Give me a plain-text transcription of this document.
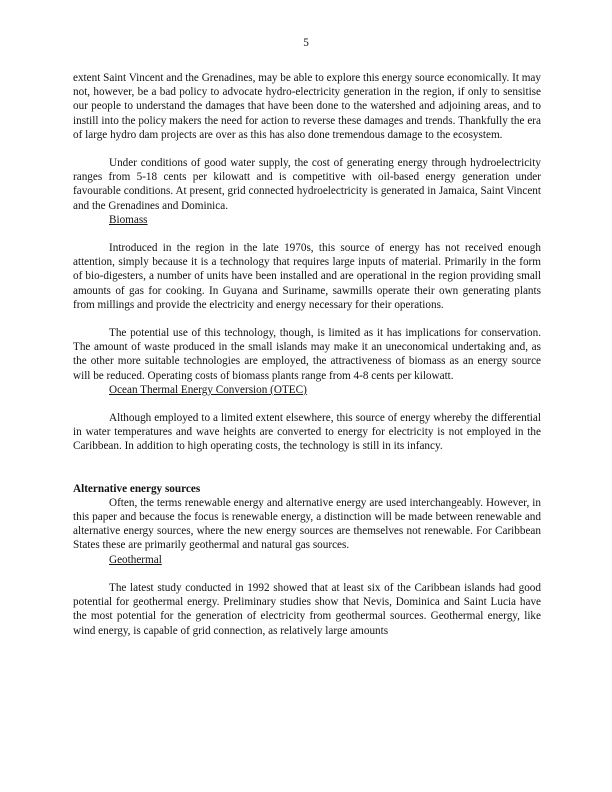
5

extent Saint Vincent and the Grenadines, may be able to explore this energy source economically. It may not, however, be a bad policy to advocate hydro-electricity generation in the region, if only to sensitise our people to understand the damages that have been done to the watershed and adjoining areas, and to instill into the policy makers the need for action to reverse these damages and trends. Thankfully the era of large hydro dam projects are over as this has also done tremendous damage to the ecosystem.

Under conditions of good water supply, the cost of generating energy through hydroelectricity ranges from 5-18 cents per kilowatt and is competitive with oil-based energy generation under favourable conditions. At present, grid connected hydroelectricity is generated in Jamaica, Saint Vincent and the Grenadines and Dominica.

Biomass

Introduced in the region in the late 1970s, this source of energy has not received enough attention, simply because it is a technology that requires large inputs of material. Primarily in the form of bio-digesters, a number of units have been installed and are operational in the region providing small amounts of gas for cooking. In Guyana and Suriname, sawmills operate their own generating plants from millings and provide the electricity and energy necessary for their operations.

The potential use of this technology, though, is limited as it has implications for conservation. The amount of waste produced in the small islands may make it an uneconomical undertaking and, as the other more suitable technologies are employed, the attractiveness of biomass as an energy source will be reduced. Operating costs of biomass plants range from 4-8 cents per kilowatt.

Ocean Thermal Energy Conversion (OTEC)

Although employed to a limited extent elsewhere, this source of energy whereby the differential in water temperatures and wave heights are converted to energy for electricity is not employed in the Caribbean. In addition to high operating costs, the technology is still in its infancy.

Alternative energy sources

Often, the terms renewable energy and alternative energy are used interchangeably. However, in this paper and because the focus is renewable energy, a distinction will be made between renewable and alternative energy sources, where the new energy sources are themselves not renewable. For Caribbean States these are primarily geothermal and natural gas sources.

Geothermal

The latest study conducted in 1992 showed that at least six of the Caribbean islands had good potential for geothermal energy. Preliminary studies show that Nevis, Dominica and Saint Lucia have the most potential for the generation of electricity from geothermal sources. Geothermal energy, like wind energy, is capable of grid connection, as relatively large amounts
